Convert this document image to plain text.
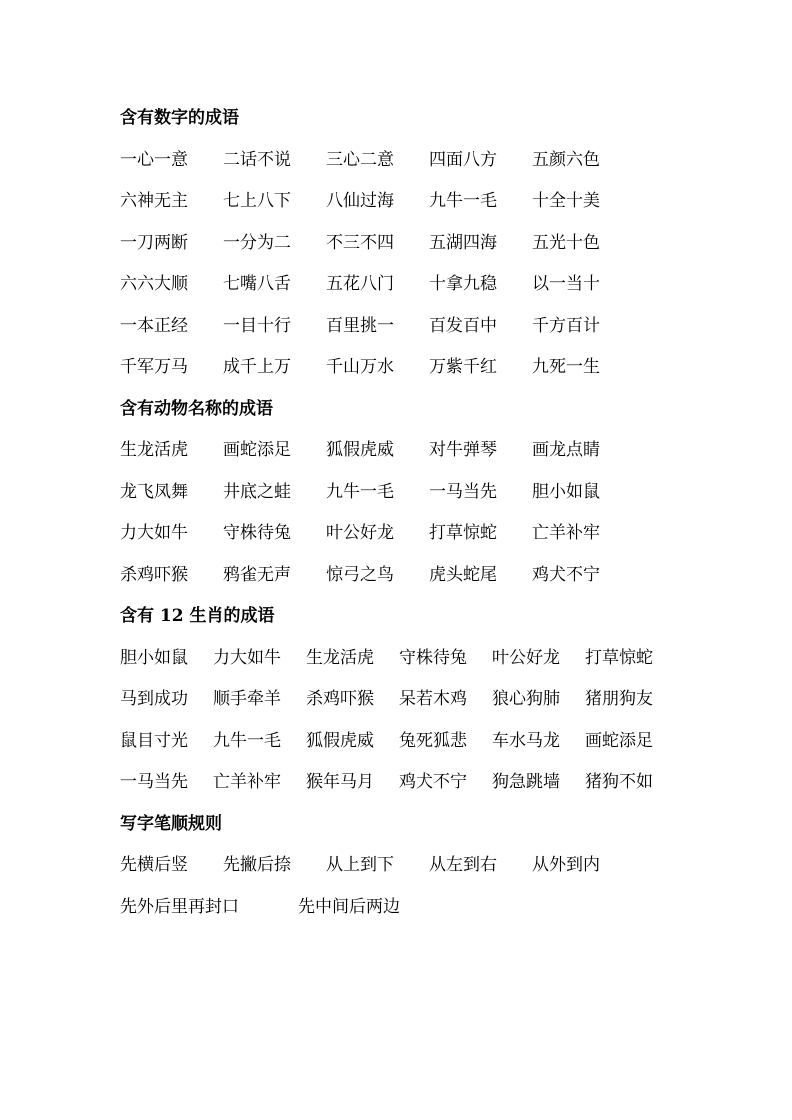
含有数字的成语
一心一意	二话不说	三心二意	四面八方	五颜六色
六神无主	七上八下	八仙过海	九牛一毛	十全十美
一刀两断	一分为二	不三不四	五湖四海	五光十色
六六大顺	七嘴八舌	五花八门	十拿九稳	以一当十
一本正经	一目十行	百里挑一	百发百中	千方百计
千军万马	成千上万	千山万水	万紫千红	九死一生
含有动物名称的成语
生龙活虎	画蛇添足	狐假虎威	对牛弹琴	画龙点睛
龙飞凤舞	井底之蛙	九牛一毛	一马当先	胆小如鼠
力大如牛	守株待兔	叶公好龙	打草惊蛇	亡羊补牢
杀鸡吓猴	鸦雀无声	惊弓之鸟	虎头蛇尾	鸡犬不宁
含有 12 生肖的成语
胆小如鼠	力大如牛	生龙活虎	守株待兔	叶公好龙	打草惊蛇
马到成功	顺手牵羊	杀鸡吓猴	呆若木鸡	狼心狗肺	猪朋狗友
鼠目寸光	九牛一毛	狐假虎威	兔死狐悲	车水马龙	画蛇添足
一马当先	亡羊补牢	猴年马月	鸡犬不宁	狗急跳墙	猪狗不如
写字笔顺规则
先横后竖	先撇后捺	从上到下	从左到右	从外到内
先外后里再封口	先中间后两边
